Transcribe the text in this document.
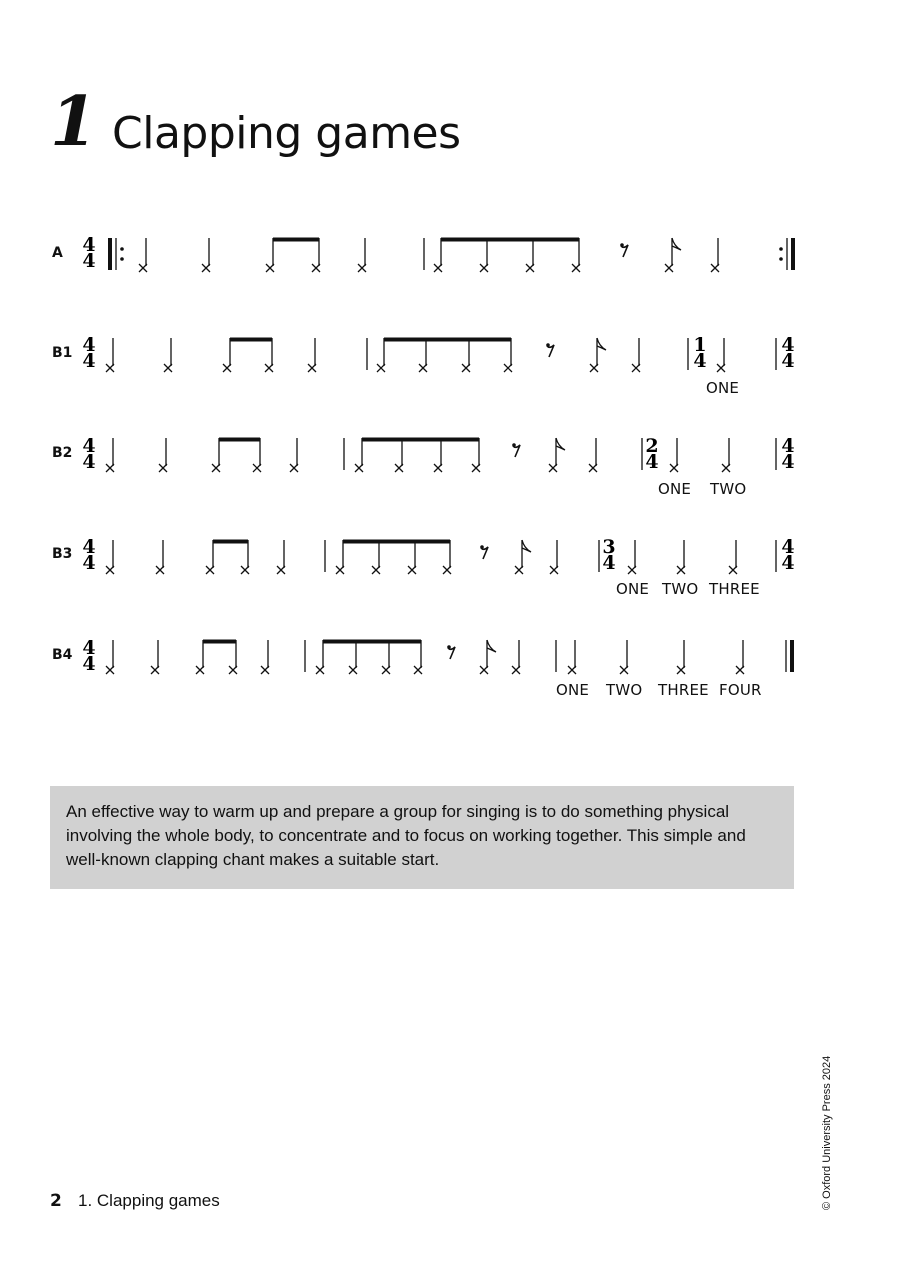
1 Clapping games
A
B1
B2
B3
B4
ONE
ONE TWO
ONE TWO THREE
ONE TWO THREE FOUR
4
4
4
4
1
4
4
4
4
4
2
4
4
4
4
4
3
4
4
4
4
4
An effective way to warm up and prepare a group for singing is to do something physical involving the whole body, to concentrate and to focus on working together. This simple and well-known clapping chant makes a suitable start.
© Oxford University Press 2024
2 1. Clapping games
